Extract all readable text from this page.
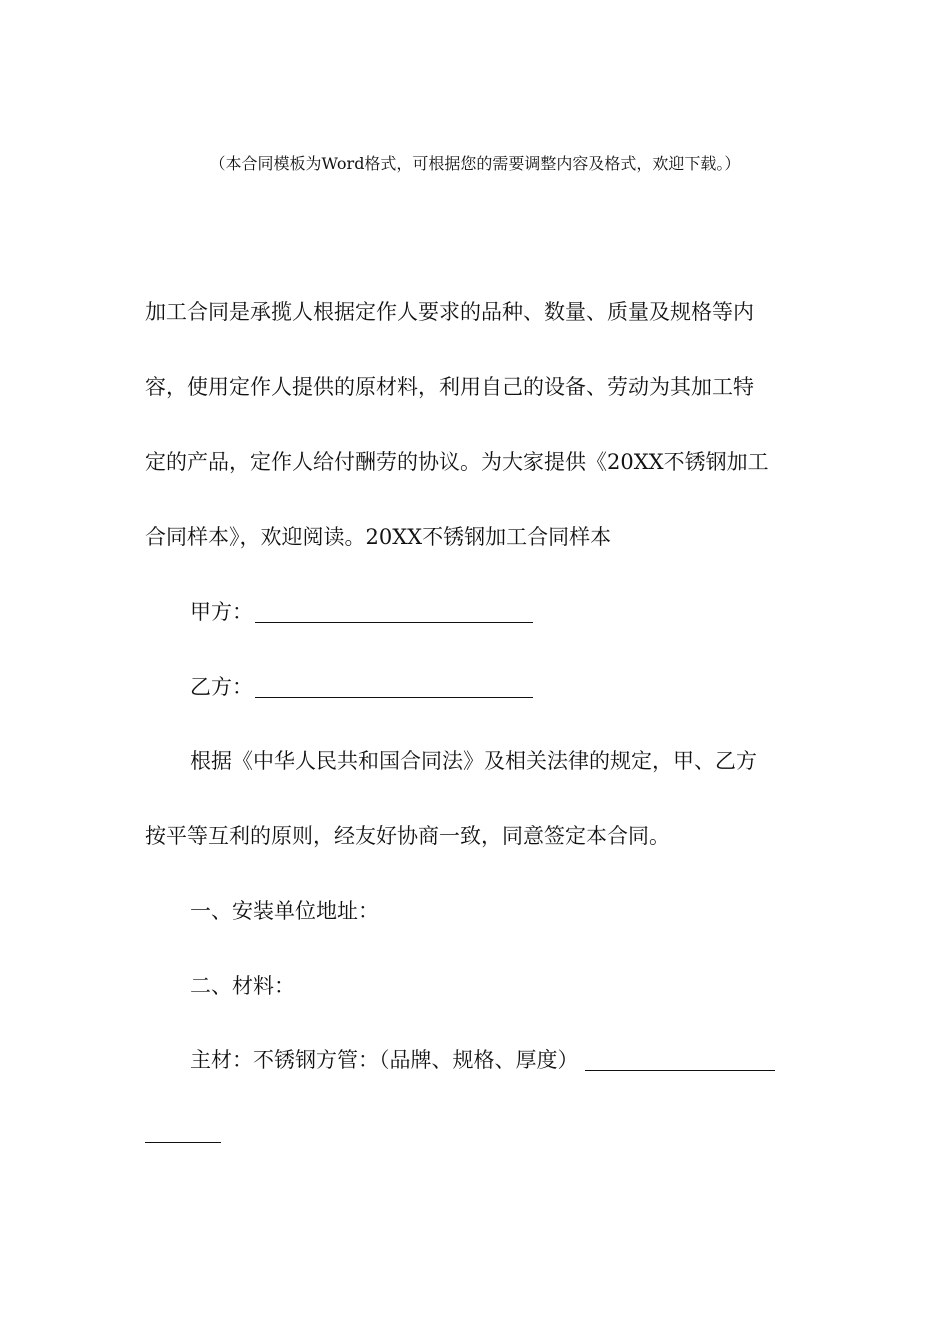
（本合同模板为Word格式，可根据您的需要调整内容及格式，欢迎下载。）
加工合同是承揽人根据定作人要求的品种、数量、质量及规格等内
容，使用定作人提供的原材料，利用自己的设备、劳动为其加工特
定的产品，定作人给付酬劳的协议。为大家提供《20XX不锈钢加工
合同样本》，欢迎阅读。20XX不锈钢加工合同样本
甲方：
乙方：
根据《中华人民共和国合同法》及相关法律的规定，甲、乙方
按平等互利的原则，经友好协商一致，同意签定本合同。
一、安装单位地址：
二、材料：
主材：不锈钢方管：（品牌、规格、厚度）
